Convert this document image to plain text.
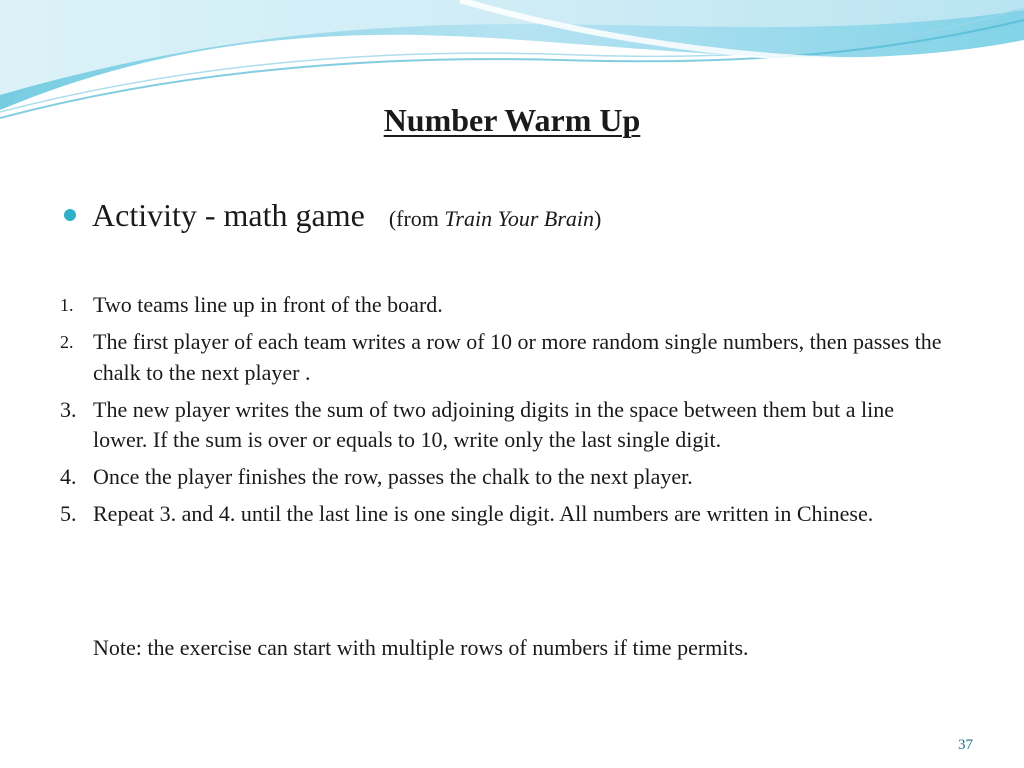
Number Warm Up
Activity - math game (from Train Your Brain)
1. Two teams line up in front of the board.
2. The first player of each team writes a row of 10 or more random single numbers, then passes the chalk to the next player .
3. The new player writes the sum of two adjoining digits in the space between them but a line lower. If the sum is over or equals to 10, write only the last single digit.
4. Once the player finishes the row, passes the chalk to the next player.
5. Repeat 3. and 4. until the last line is one single digit. All numbers are written in Chinese.
Note: the exercise can start with multiple rows of numbers if time permits.
37
